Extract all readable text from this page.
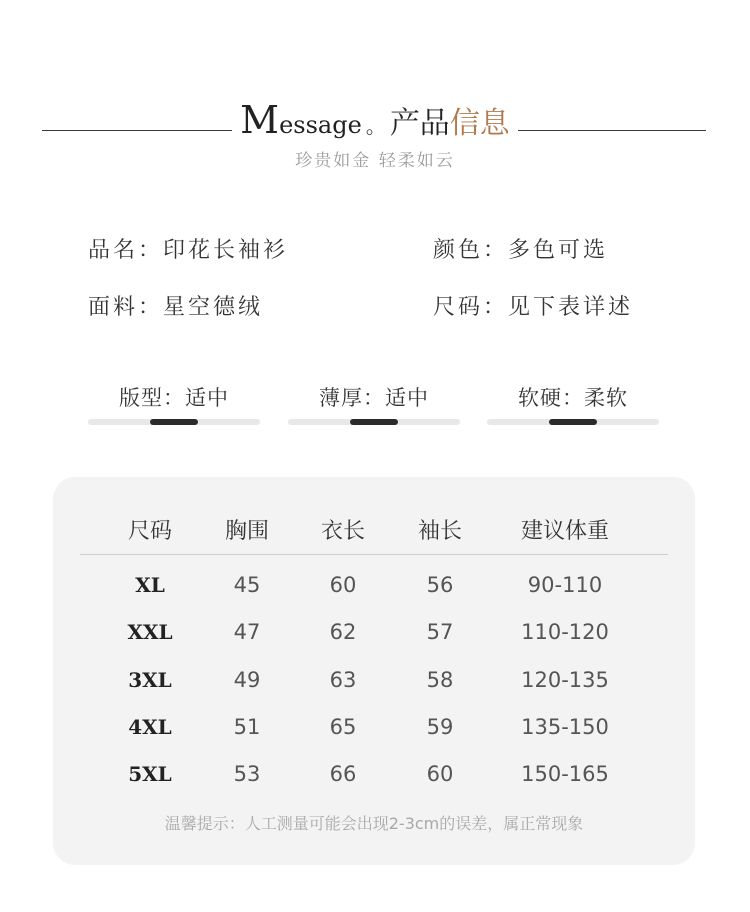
Message 。 产品信息
珍贵如金 轻柔如云
品名：印花长袖衫	颜色：多色可选
面料：星空德绒	尺码：见下表详述
版型：适中	薄厚：适中	软硬：柔软
尺码	胸围	衣长	袖长	建议体重
XL	45	60	56	90-110
XXL	47	62	57	110-120
3XL	49	63	58	120-135
4XL	51	65	59	135-150
5XL	53	66	60	150-165
温馨提示：人工测量可能会出现2-3cm的误差，属正常现象
